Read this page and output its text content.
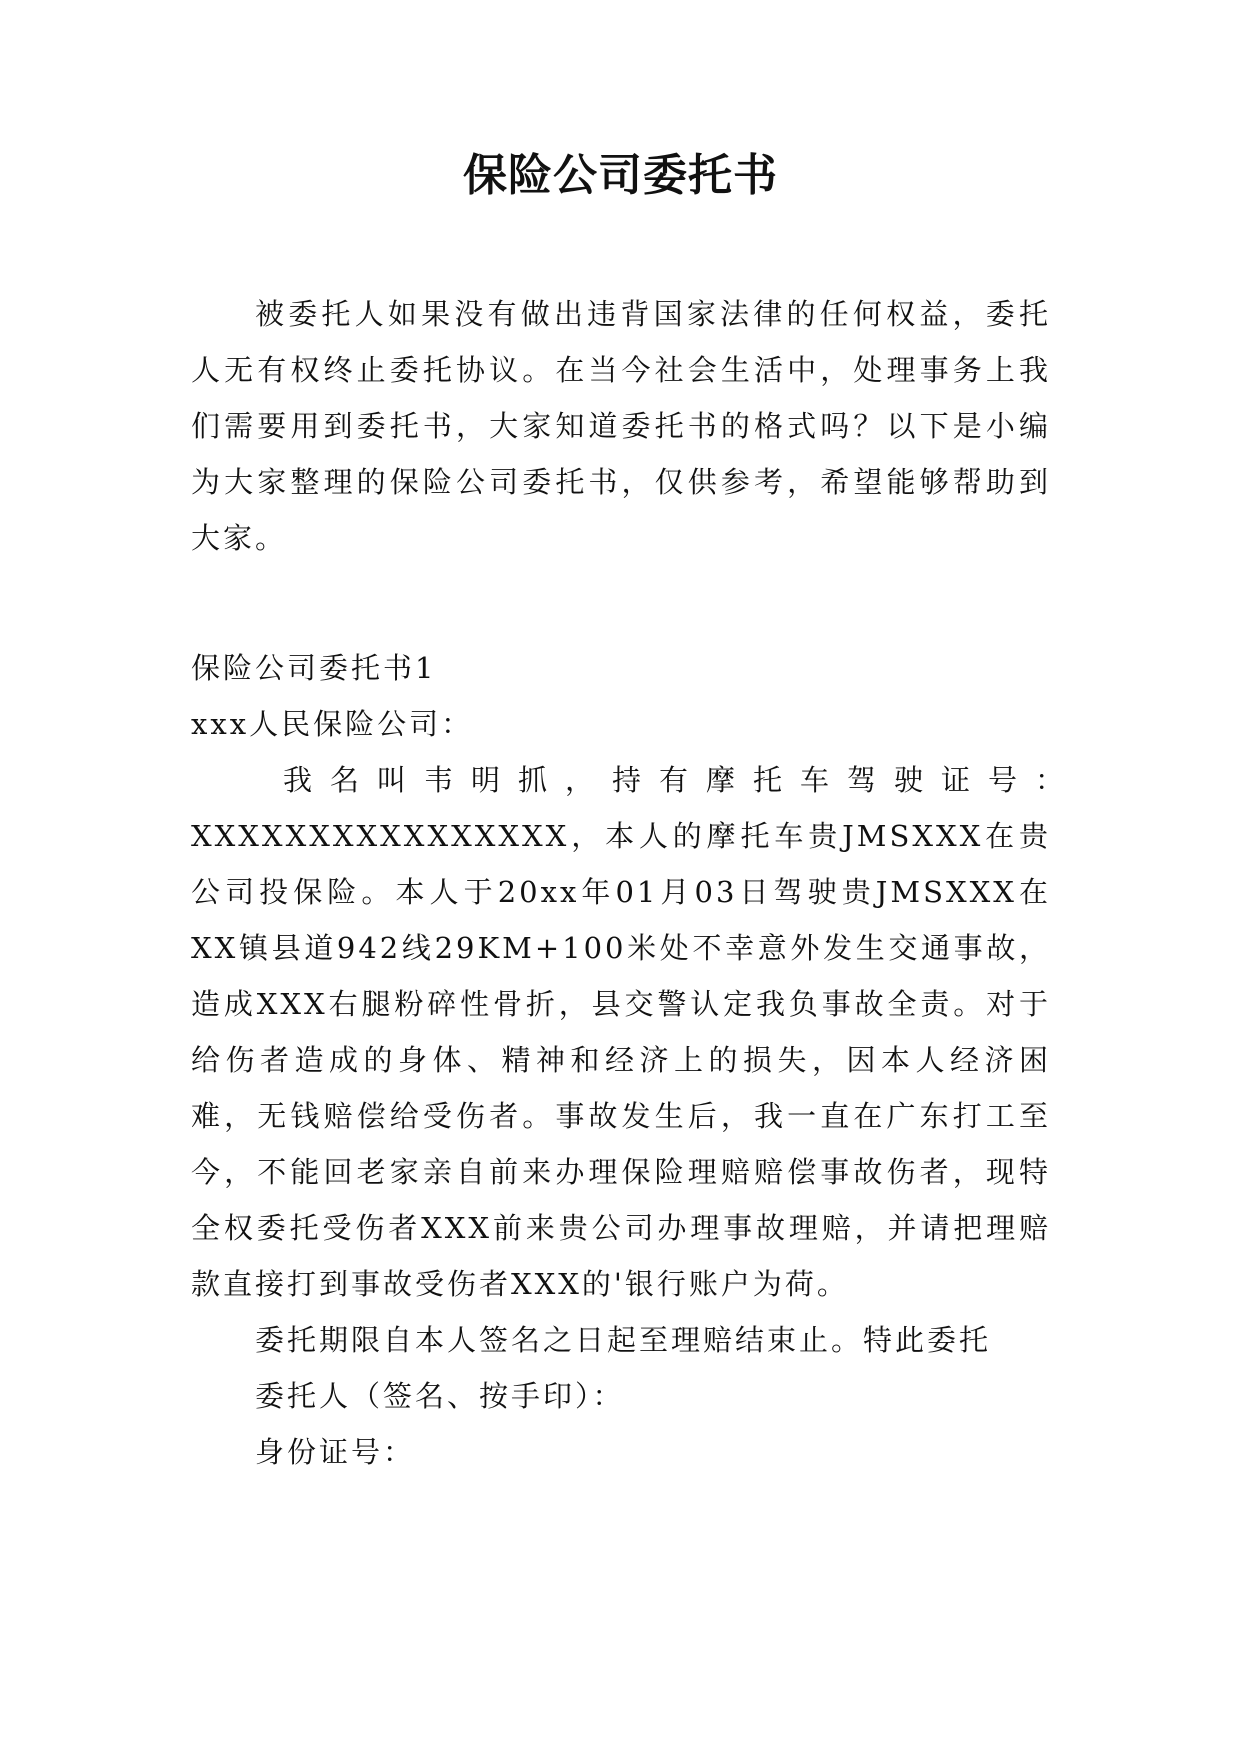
保险公司委托书

被委托人如果没有做出违背国家法律的任何权益，委托人无有权终止委托协议。在当今社会生活中，处理事务上我们需要用到委托书，大家知道委托书的格式吗？以下是小编为大家整理的保险公司委托书，仅供参考，希望能够帮助到大家。

保险公司委托书1

xxx人民保险公司：

我名叫韦明抓，持有摩托车驾驶证号：

XXXXXXXXXXXXXXXX，本人的摩托车贵JMSXXX在贵公司投保险。本人于20xx年01月03日驾驶贵JMSXXX在XX镇县道942线29KM+100米处不幸意外发生交通事故，造成XXX右腿粉碎性骨折，县交警认定我负事故全责。对于给伤者造成的身体、精神和经济上的损失，因本人经济困难，无钱赔偿给受伤者。事故发生后，我一直在广东打工至今，不能回老家亲自前来办理保险理赔赔偿事故伤者，现特全权委托受伤者XXX前来贵公司办理事故理赔，并请把理赔款直接打到事故受伤者XXX的'银行账户为荷。

委托期限自本人签名之日起至理赔结束止。特此委托

委托人（签名、按手印）：

身份证号：
